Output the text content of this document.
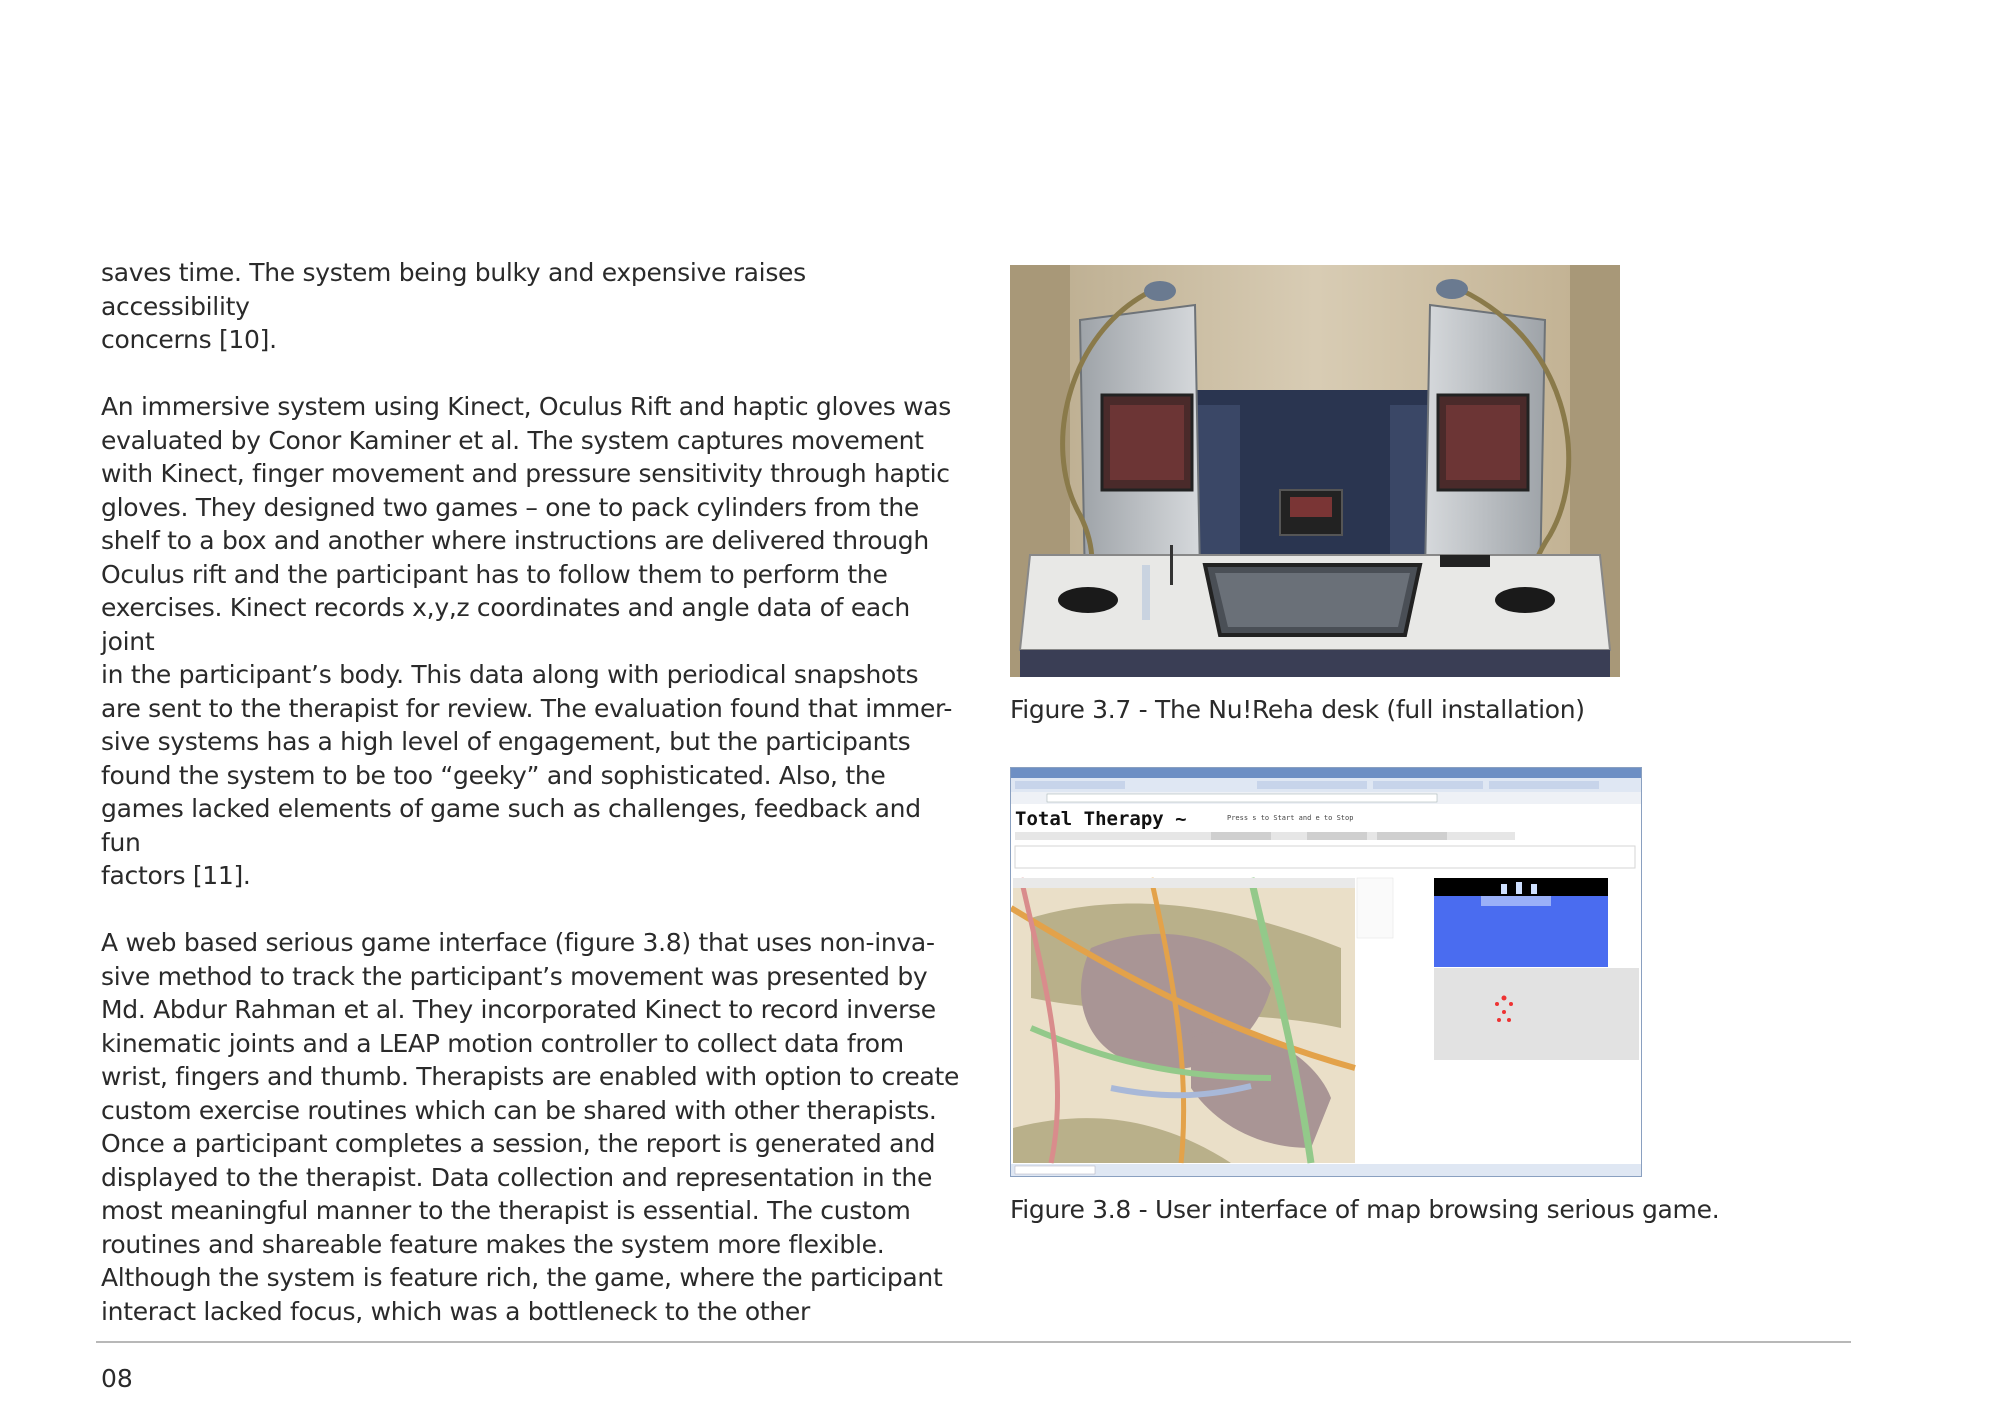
saves time. The system being bulky and expensive raises accessibility
concerns [10].

An immersive system using Kinect, Oculus Rift and haptic gloves was
evaluated by Conor Kaminer et al. The system captures movement
with Kinect, finger movement and pressure sensitivity through haptic
gloves. They designed two games – one to pack cylinders from the
shelf to a box and another where instructions are delivered through
Oculus rift and the participant has to follow them to perform the
exercises. Kinect records x,y,z coordinates and angle data of each joint
in the participant’s body. This data along with periodical snapshots
are sent to the therapist for review. The evaluation found that immer-
sive systems has a high level of engagement, but the participants
found the system to be too “geeky” and sophisticated. Also, the
games lacked elements of game such as challenges, feedback and fun
factors [11].

A web based serious game interface (figure 3.8) that uses non-inva-
sive method to track the participant’s movement was presented by
Md. Abdur Rahman et al. They incorporated Kinect to record inverse
kinematic joints and a LEAP motion controller to collect data from
wrist, fingers and thumb. Therapists are enabled with option to create
custom exercise routines which can be shared with other therapists.
Once a participant completes a session, the report is generated and
displayed to the therapist. Data collection and representation in the
most meaningful manner to the therapist is essential. The custom
routines and shareable feature makes the system more flexible.
Although the system is feature rich, the game, where the participant
interact lacked focus, which was a bottleneck to the other

Figure 3.7 - The Nu!Reha desk (full installation)
Total Therapy ~	Press s to Start and e to Stop
Figure 3.8 - User interface of map browsing serious game.
08
